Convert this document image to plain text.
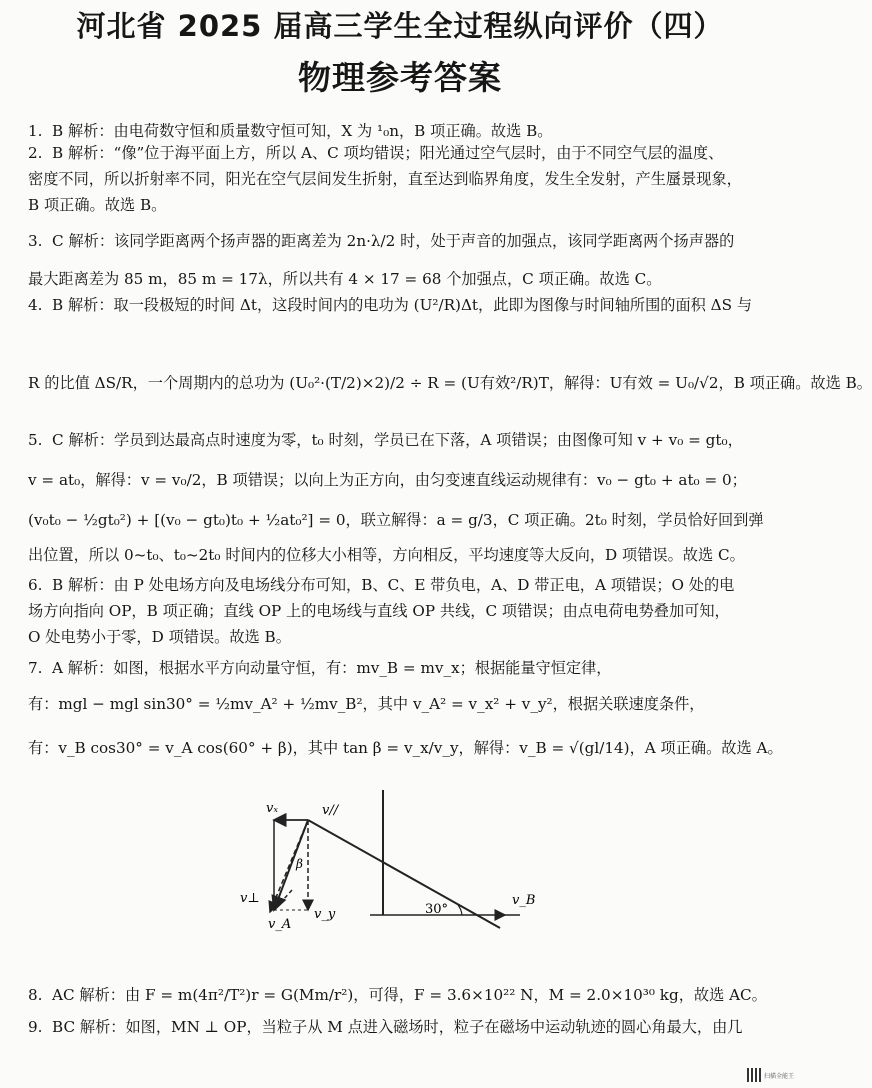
河北省 2025 届高三学生全过程纵向评价（四）
物理参考答案
1. B 解析：由电荷数守恒和质量数守恒可知，X 为 ¹₀n，B 项正确。故选 B。
2. B 解析：“像”位于海平面上方，所以 A、C 项均错误；阳光通过空气层时，由于不同空气层的温度、
密度不同，所以折射率不同，阳光在空气层间发生折射，直至达到临界角度，发生全发射，产生蜃景现象，
B 项正确。故选 B。
3. C 解析：该同学距离两个扬声器的距离差为 2n·λ/2 时，处于声音的加强点，该同学距离两个扬声器的
最大距离差为 85 m，85 m = 17λ，所以共有 4 × 17 = 68 个加强点，C 项正确。故选 C。
4. B 解析：取一段极短的时间 Δt，这段时间内的电功为 (U²/R)Δt，此即为图像与时间轴所围的面积 ΔS 与
R 的比值 ΔS/R，一个周期内的总功为 (U₀²·(T/2)×2)/2 ÷ R = (U有效²/R)T，解得：U有效 = U₀/√2，B 项正确。故选 B。
5. C 解析：学员到达最高点时速度为零，t₀ 时刻，学员已在下落，A 项错误；由图像可知 v + v₀ = gt₀，
v = at₀，解得：v = v₀/2，B 项错误；以向上为正方向，由匀变速直线运动规律有：v₀ − gt₀ + at₀ = 0；
(v₀t₀ − ½gt₀²) + [(v₀ − gt₀)t₀ + ½at₀²] = 0，联立解得：a = g/3，C 项正确。2t₀ 时刻，学员恰好回到弹
出位置，所以 0~t₀、t₀~2t₀ 时间内的位移大小相等，方向相反，平均速度等大反向，D 项错误。故选 C。
6. B 解析：由 P 处电场方向及电场线分布可知，B、C、E 带负电，A、D 带正电，A 项错误；O 处的电
场方向指向 OP，B 项正确；直线 OP 上的电场线与直线 OP 共线，C 项错误；由点电荷电势叠加可知，
O 处电势小于零，D 项错误。故选 B。
7. A 解析：如图，根据水平方向动量守恒，有：mv_B = mv_x；根据能量守恒定律，
有：mgl − mgl sin30° = ½mv_A² + ½mv_B²，其中 v_A² = v_x² + v_y²，根据关联速度条件，
有：v_B cos30° = v_A cos(60° + β)，其中 tan β = v_x/v_y，解得：v_B = √(gl/14)，A 项正确。故选 A。
vₓ	v//
β
v⊥
v_A
v_y	30°
v_B
8. AC 解析：由 F = m(4π²/T²)r = G(Mm/r²)，可得，F = 3.6×10²² N，M = 2.0×10³⁰ kg，故选 AC。
9. BC 解析：如图，MN ⊥ OP，当粒子从 M 点进入磁场时，粒子在磁场中运动轨迹的圆心角最大，由几
扫描全能王
